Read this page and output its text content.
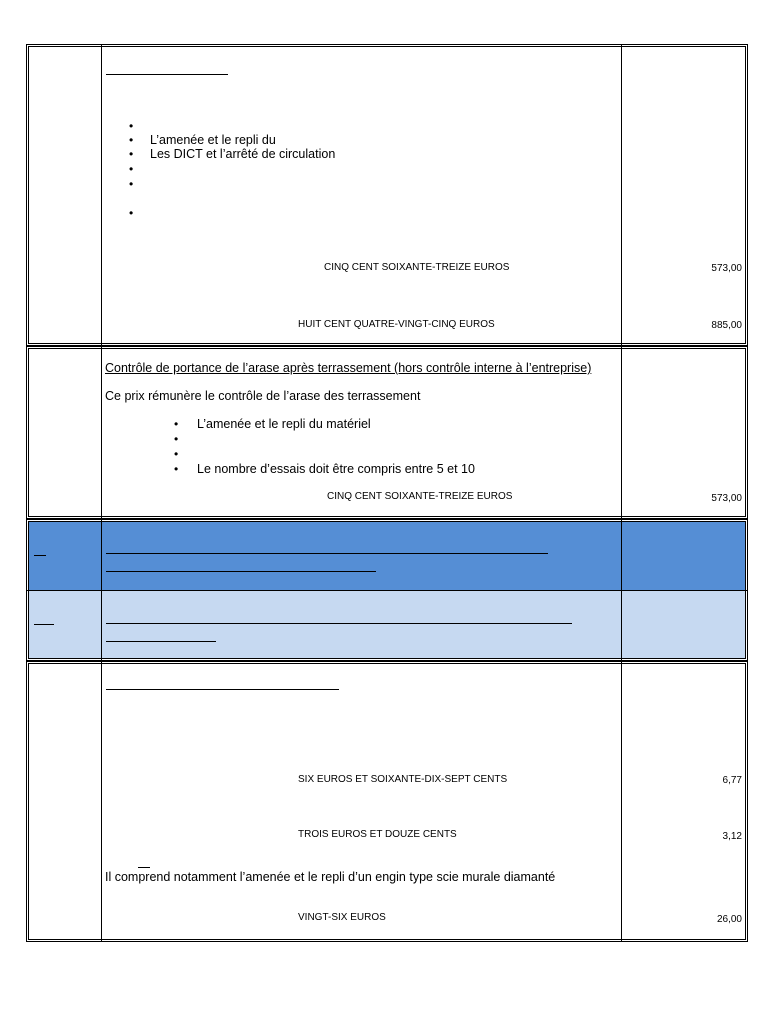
•
• L’amenée et le repli du
• Les DICT et l’arrêté de circulation
•
•
•
CINQ CENT SOIXANTE-TREIZE EUROS	573,00
HUIT CENT QUATRE-VINGT-CINQ EUROS	885,00
Contrôle de portance de l’arase après terrassement (hors contrôle interne à l’entreprise)
Ce prix rémunère le contrôle de l’arase des terrassement
• L’amenée et le repli du matériel
•
•
• Le nombre d’essais doit être compris entre 5 et 10
CINQ CENT SOIXANTE-TREIZE EUROS	573,00
SIX EUROS ET SOIXANTE-DIX-SEPT CENTS	6,77
TROIS EUROS ET DOUZE CENTS	3,12
Il comprend notamment l’amenée et le repli d’un engin type scie murale diamanté
VINGT-SIX EUROS	26,00
